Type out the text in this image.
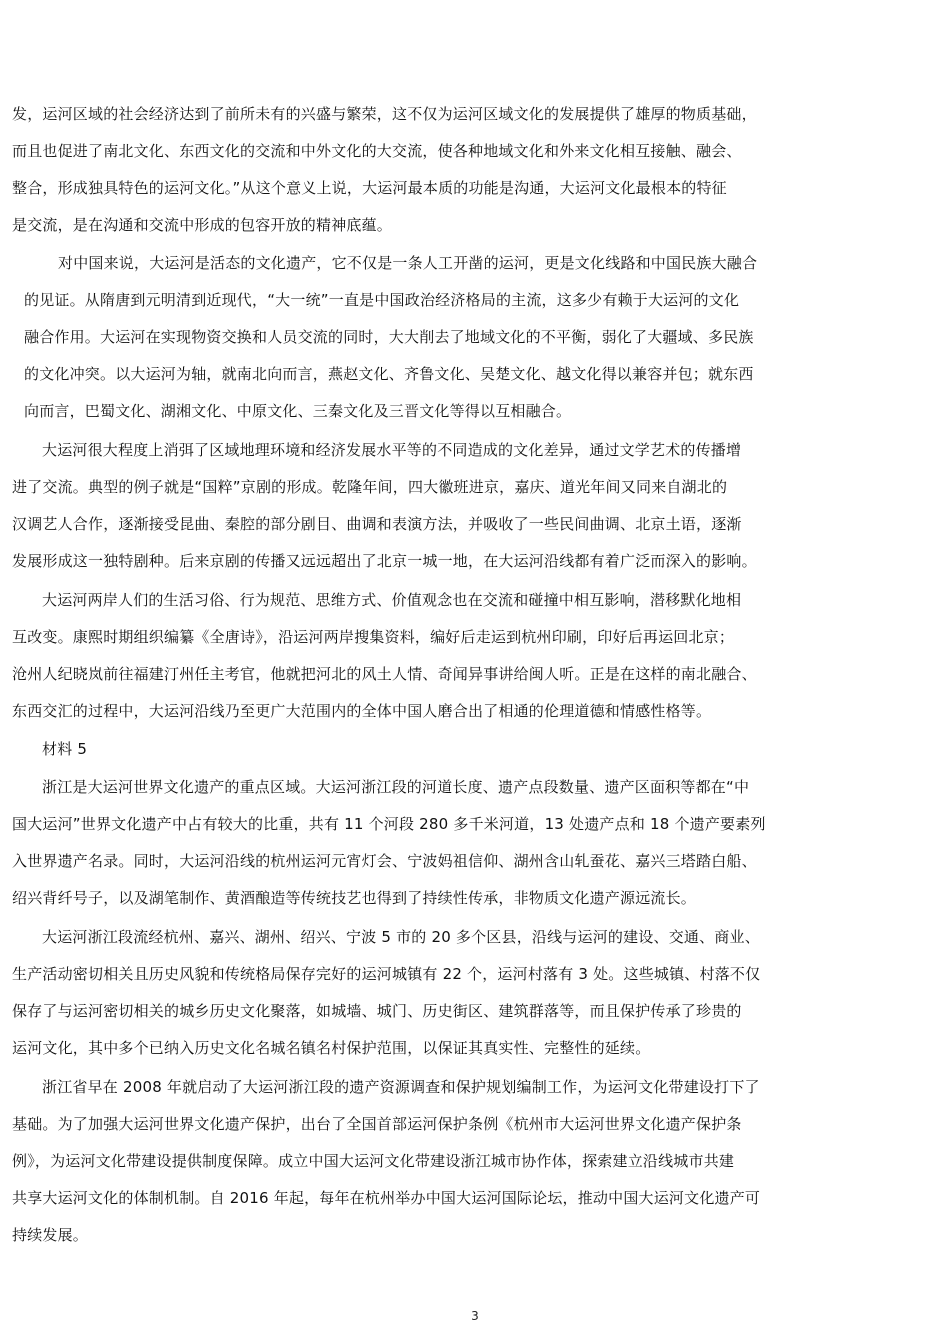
发，运河区域的社会经济达到了前所未有的兴盛与繁荣，这不仅为运河区域文化的发展提供了雄厚的物质基础，
而且也促进了南北文化、东西文化的交流和中外文化的大交流，使各种地域文化和外来文化相互接触、融会、
整合，形成独具特色的运河文化。”从这个意义上说，大运河最本质的功能是沟通，大运河文化最根本的特征
是交流，是在沟通和交流中形成的包容开放的精神底蕴。
对中国来说，大运河是活态的文化遗产，它不仅是一条人工开凿的运河，更是文化线路和中国民族大融合
的见证。从隋唐到元明清到近现代，“大一统”一直是中国政治经济格局的主流，这多少有赖于大运河的文化
融合作用。大运河在实现物资交换和人员交流的同时，大大削去了地域文化的不平衡，弱化了大疆域、多民族
的文化冲突。以大运河为轴，就南北向而言，燕赵文化、齐鲁文化、吴楚文化、越文化得以兼容并包；就东西
向而言，巴蜀文化、湖湘文化、中原文化、三秦文化及三晋文化等得以互相融合。
大运河很大程度上消弭了区域地理环境和经济发展水平等的不同造成的文化差异，通过文学艺术的传播增
进了交流。典型的例子就是“国粹”京剧的形成。乾隆年间，四大徽班进京，嘉庆、道光年间又同来自湖北的
汉调艺人合作，逐渐接受昆曲、秦腔的部分剧目、曲调和表演方法，并吸收了一些民间曲调、北京土语，逐渐
发展形成这一独特剧种。后来京剧的传播又远远超出了北京一城一地，在大运河沿线都有着广泛而深入的影响。
大运河两岸人们的生活习俗、行为规范、思维方式、价值观念也在交流和碰撞中相互影响，潜移默化地相
互改变。康熙时期组织编纂《全唐诗》，沿运河两岸搜集资料，编好后走运到杭州印刷，印好后再运回北京；
沧州人纪晓岚前往福建汀州任主考官，他就把河北的风土人情、奇闻异事讲给闽人听。正是在这样的南北融合、
东西交汇的过程中，大运河沿线乃至更广大范围内的全体中国人磨合出了相通的伦理道德和情感性格等。
材料 5
浙江是大运河世界文化遗产的重点区域。大运河浙江段的河道长度、遗产点段数量、遗产区面积等都在“中
国大运河”世界文化遗产中占有较大的比重，共有 11 个河段 280 多千米河道，13 处遗产点和 18 个遗产要素列
入世界遗产名录。同时，大运河沿线的杭州运河元宵灯会、宁波妈祖信仰、湖州含山轧蚕花、嘉兴三塔踏白船、
绍兴背纤号子，以及湖笔制作、黄酒酿造等传统技艺也得到了持续性传承，非物质文化遗产源远流长。
大运河浙江段流经杭州、嘉兴、湖州、绍兴、宁波 5 市的 20 多个区县，沿线与运河的建设、交通、商业、
生产活动密切相关且历史风貌和传统格局保存完好的运河城镇有 22 个，运河村落有 3 处。这些城镇、村落不仅
保存了与运河密切相关的城乡历史文化聚落，如城墙、城门、历史街区、建筑群落等，而且保护传承了珍贵的
运河文化，其中多个已纳入历史文化名城名镇名村保护范围，以保证其真实性、完整性的延续。
浙江省早在 2008 年就启动了大运河浙江段的遗产资源调查和保护规划编制工作，为运河文化带建设打下了
基础。为了加强大运河世界文化遗产保护，出台了全国首部运河保护条例《杭州市大运河世界文化遗产保护条
例》，为运河文化带建设提供制度保障。成立中国大运河文化带建设浙江城市协作体，探索建立沿线城市共建
共享大运河文化的体制机制。自 2016 年起，每年在杭州举办中国大运河国际论坛，推动中国大运河文化遗产可
持续发展。
3
